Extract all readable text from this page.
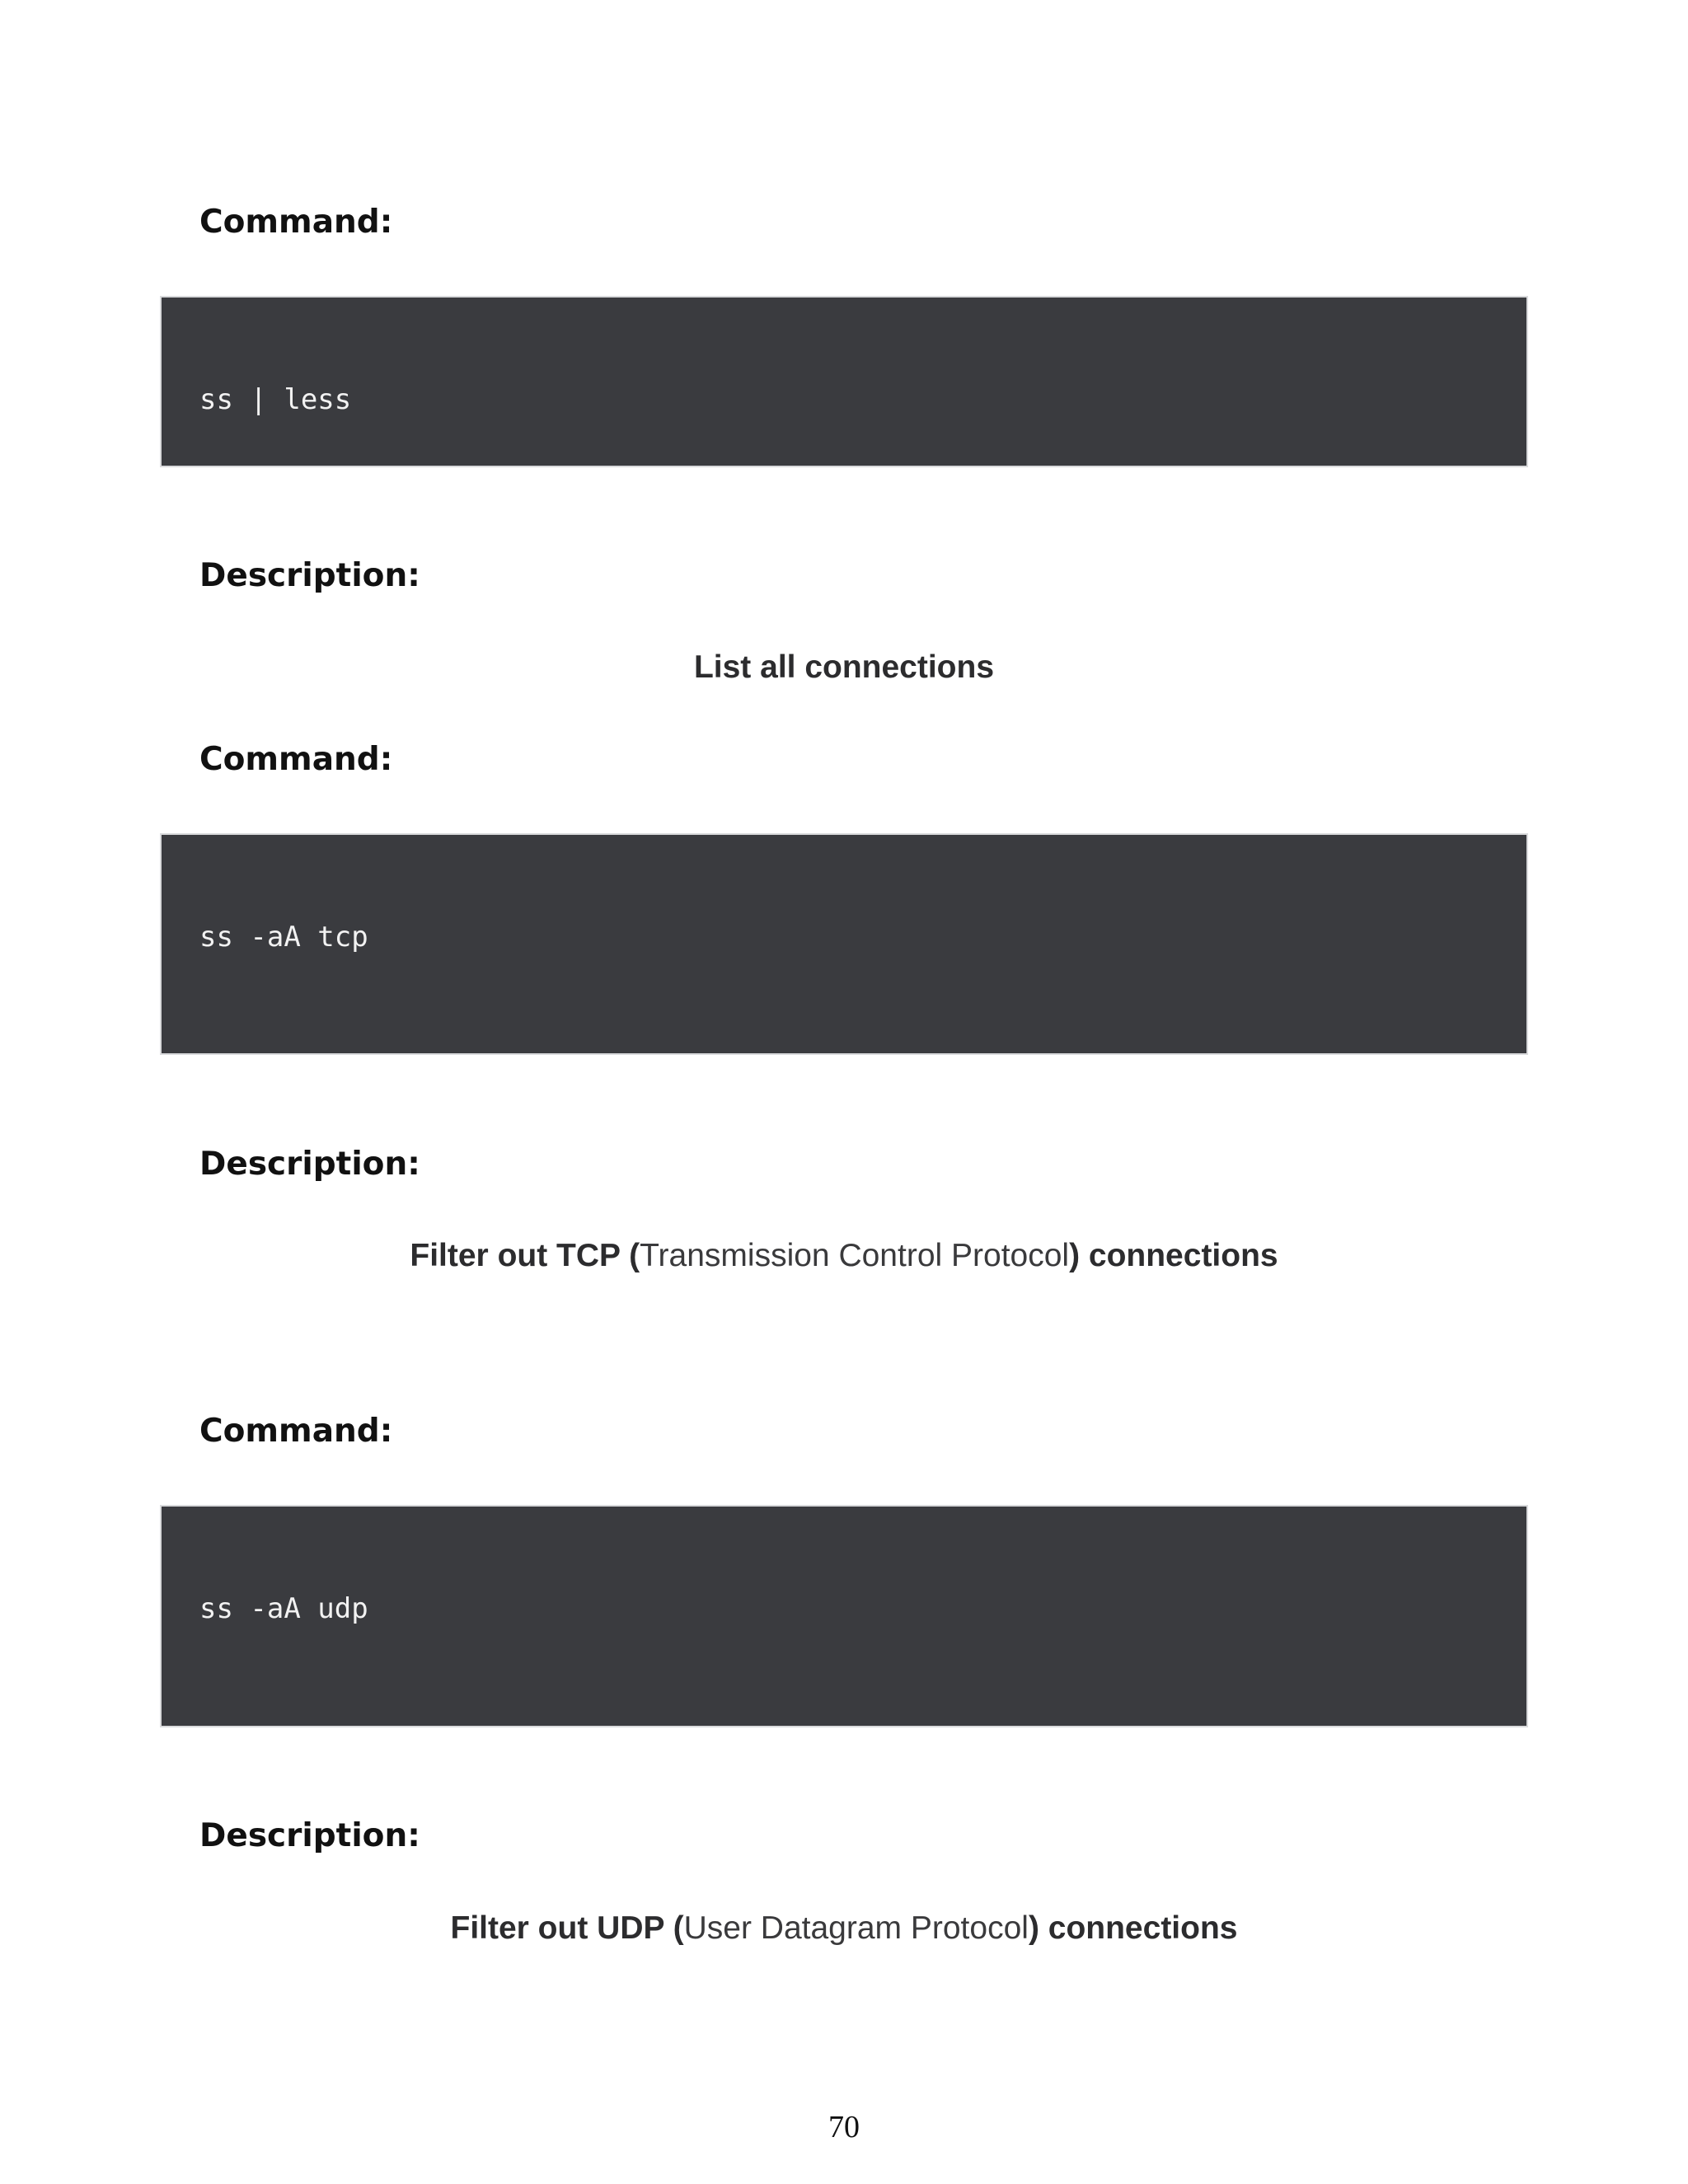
Command:
ss | less
Description:
List all connections
Command:
ss -aA tcp
Description:
Filter out TCP (Transmission Control Protocol) connections
Command:
ss -aA udp
Description:
Filter out UDP (User Datagram Protocol) connections
70
